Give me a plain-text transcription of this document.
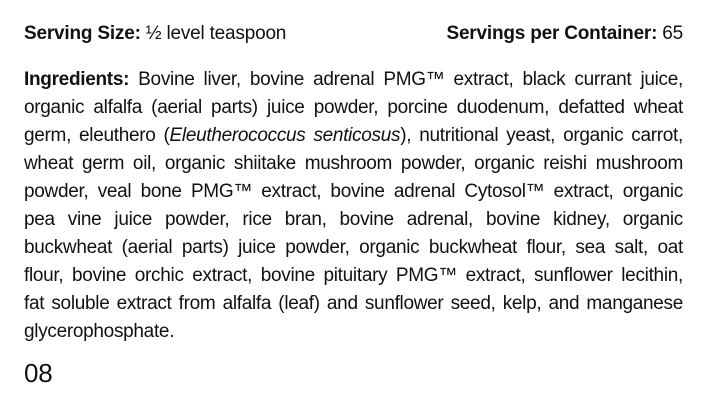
Serving Size: ½ level teaspoon	Servings per Container: 65
Ingredients: Bovine liver, bovine adrenal PMG™ extract, black currant juice,
organic alfalfa (aerial parts) juice powder, porcine duodenum, defatted wheat
germ, eleuthero (Eleutherococcus senticosus), nutritional yeast, organic carrot,
wheat germ oil, organic shiitake mushroom powder, organic reishi mushroom
powder, veal bone PMG™ extract, bovine adrenal Cytosol™ extract, organic
pea vine juice powder, rice bran, bovine adrenal, bovine kidney, organic
buckwheat (aerial parts) juice powder, organic buckwheat flour, sea salt, oat
flour, bovine orchic extract, bovine pituitary PMG™ extract, sunflower lecithin,
fat soluble extract from alfalfa (leaf) and sunflower seed, kelp, and manganese
glycerophosphate.
08
